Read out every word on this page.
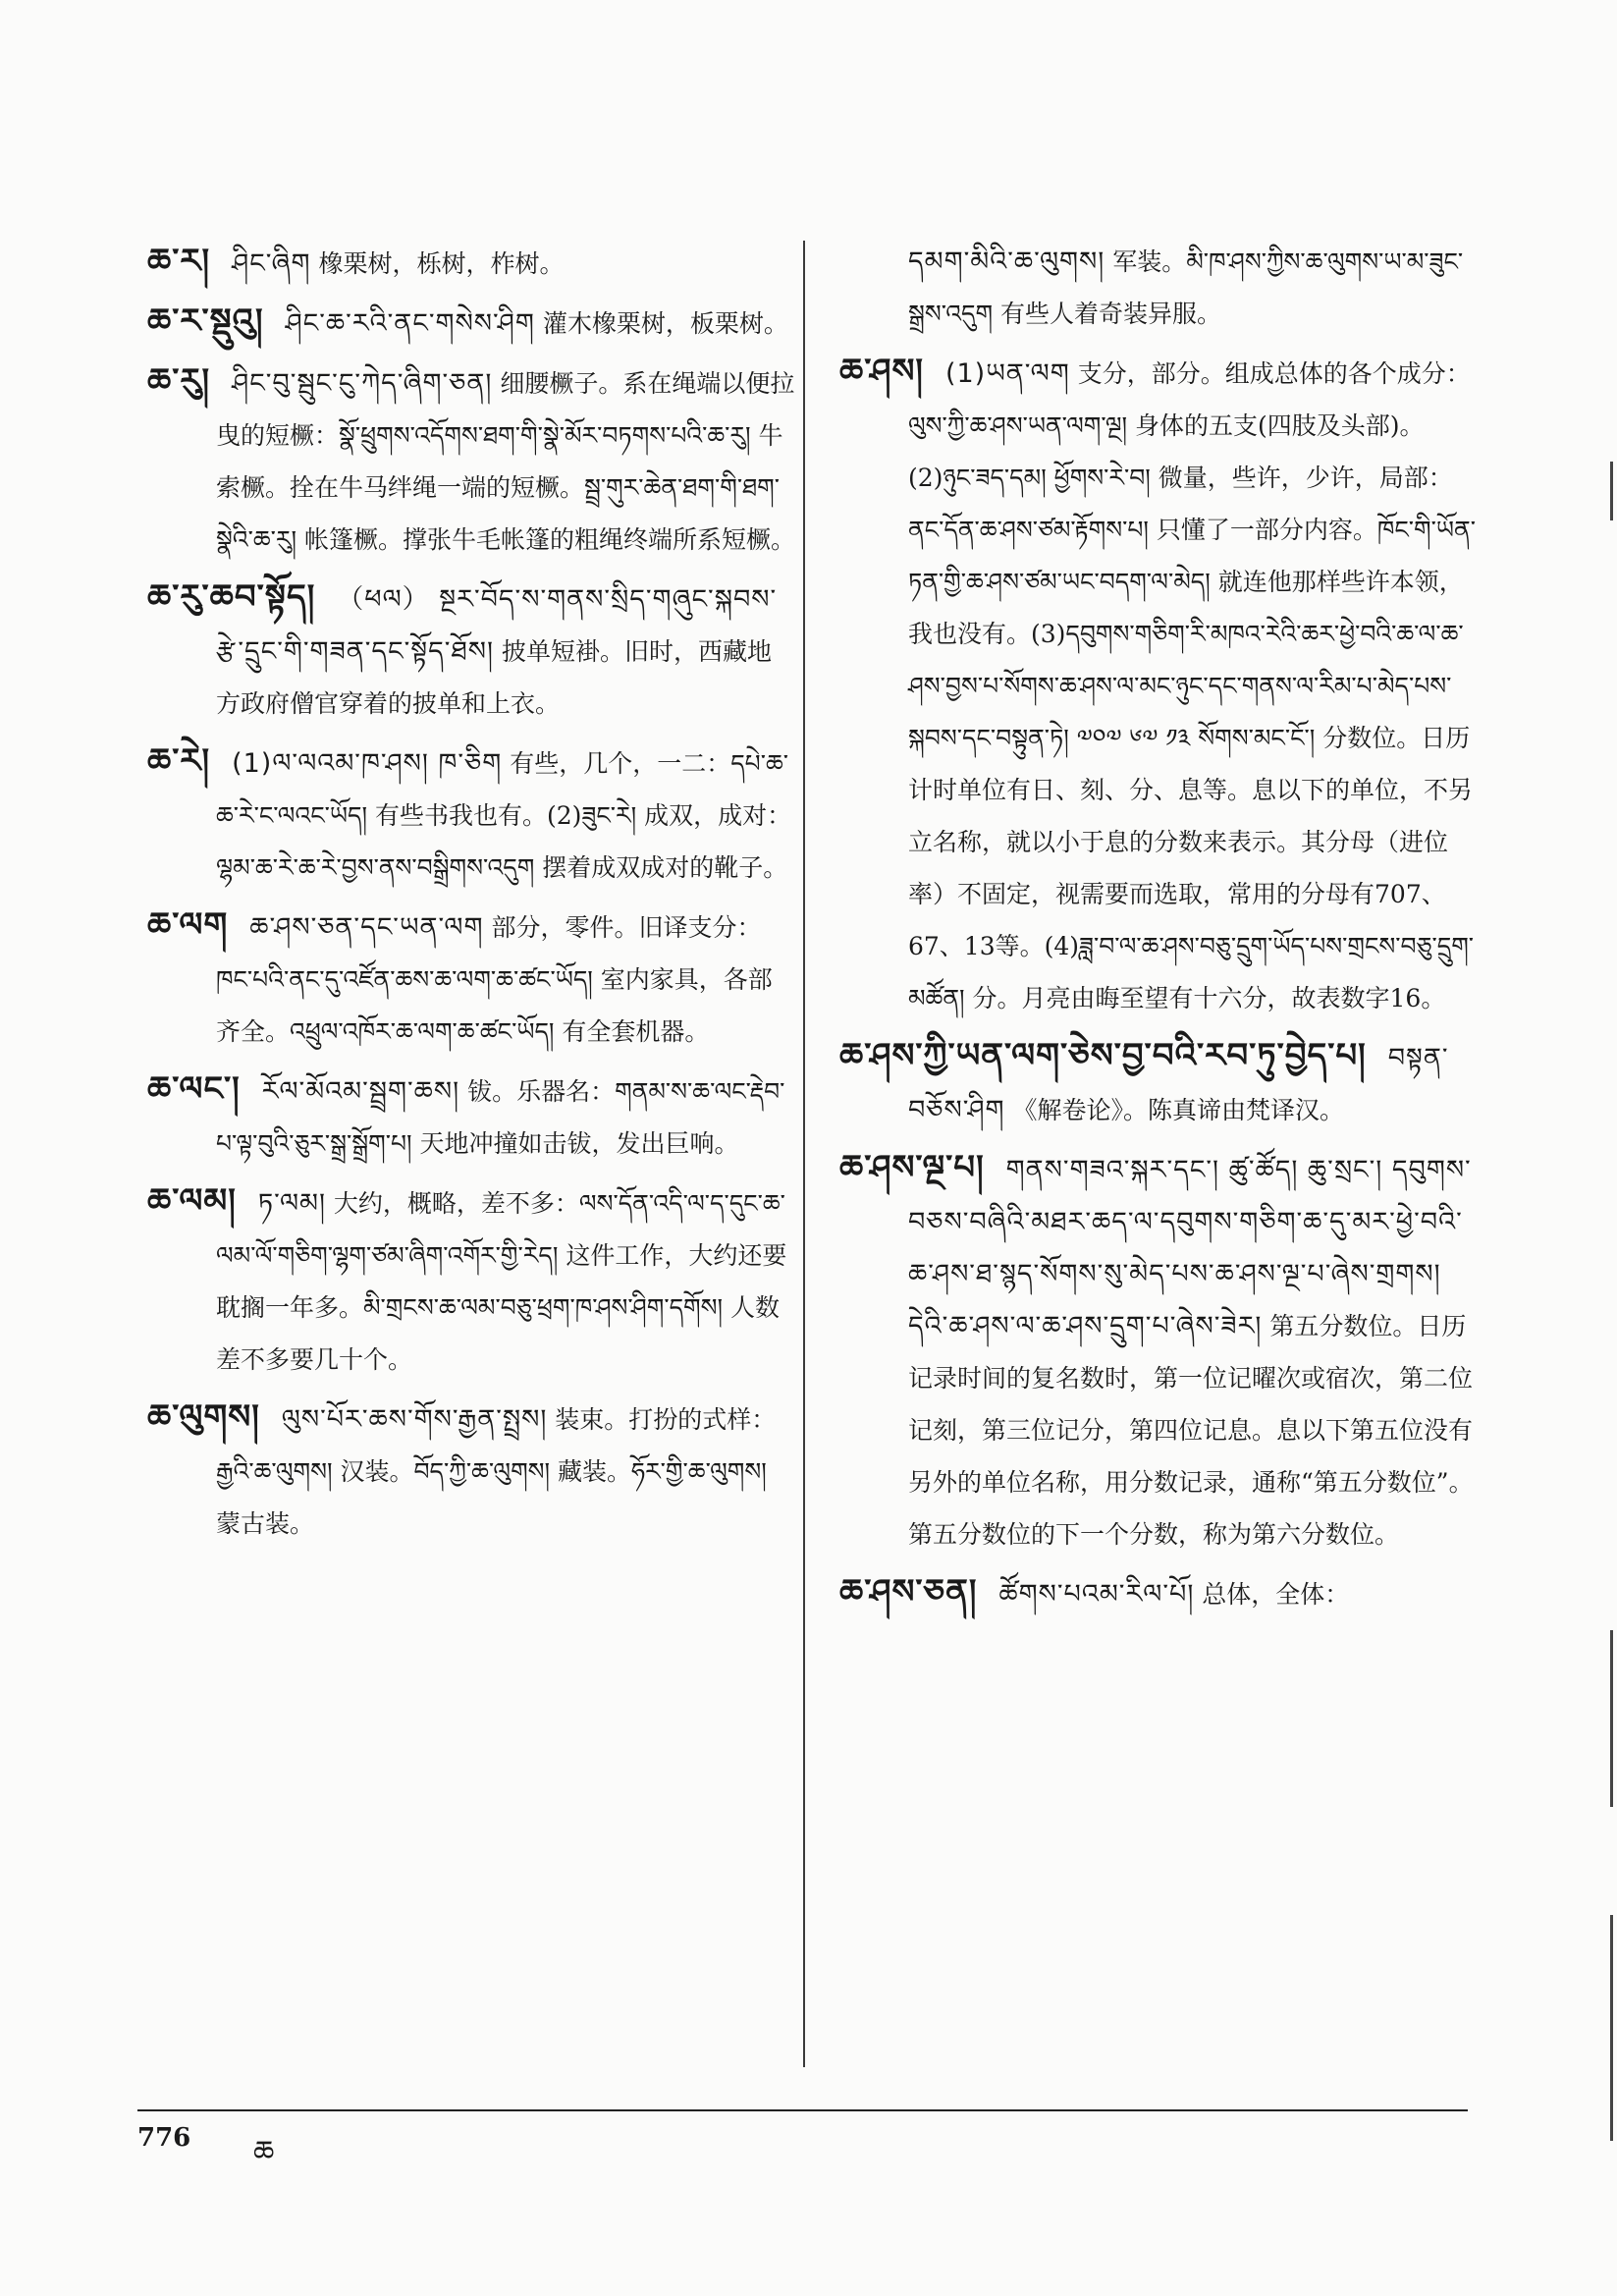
ཆ་ར། ཤིང་ཞིག 橡栗树，栎树，柞树。

ཆ་ར་སྡུའུ། ཤིང་ཆ་རའི་ནང་གསེས་ཤིག 灌木橡栗树，板栗树。

ཆ་རུ། ཤིང་བུ་སྦུང་ངུ་ཀེད་ཞིག་ཅན། 细腰橛子。系在绳端以便拉曳的短橛：སྣོ་ཕྲུགས་འདོགས་ཐག་གི་སྣེ་མོར་བཏགས་པའི་ཆ་རུ། 牛索橛。拴在牛马绊绳一端的短橛。སྦྲ་གུར་ཆེན་ཐག་གི་ཐག་སྣེའི་ཆ་རུ། 帐篷橛。撑张牛毛帐篷的粗绳终端所系短橛。

ཆ་རུ་ཆབ་སྟོད། （ཕལ） སྔར་བོད་ས་གནས་སྲིད་གཞུང་སྐབས་རྩེ་དྲུང་གི་གཟན་དང་སྟོད་ཐོས། 披单短褂。旧时，西藏地方政府僧官穿着的披单和上衣。

ཆ་རེ། (1)ལ་ལའམ་ཁ་ཤས། ཁ་ཅིག 有些，几个，一二：དཔེ་ཆ་ཆ་རེ་ང་ལའང་ཡོད། 有些书我也有。(2)ཟུང་རེ། 成双，成对：ལྷམ་ཆ་རེ་ཆ་རེ་བྱས་ནས་བསྒྲིགས་འདུག 摆着成双成对的靴子。

ཆ་ལག ཆ་ཤས་ཅན་དང་ཡན་ལག 部分，零件。旧译支分：ཁང་པའི་ནང་དུ་འཛོན་ཆས་ཆ་ལག་ཆ་ཚང་ཡོད། 室内家具，各部齐全。འཕྲུལ་འཁོར་ཆ་ལག་ཆ་ཚང་ཡོད། 有全套机器。

ཆ་ལང་། རོལ་མོའམ་སྦྲག་ཆས། 钹。乐器名：གནམ་ས་ཆ་ལང་རྡེབ་པ་ལྟ་བུའི་ཅུར་སྒྲ་སྒྲོག་པ། 天地冲撞如击钹，发出巨响。

ཆ་ལམ། ཏ་ལམ། 大约，概略，差不多：ལས་དོན་འདི་ལ་ད་དུང་ཆ་ལམ་ལོ་གཅིག་ལྷག་ཙམ་ཞིག་འགོར་གྱི་རེད། 这件工作，大约还要耽搁一年多。མི་གྲངས་ཆ་ལམ་བཅུ་ཕྲག་ཁ་ཤས་ཤིག་དགོས། 人数差不多要几十个。

ཆ་ལུགས། ལུས་པོར་ཆས་གོས་རྒྱན་སྤྲས། 装束。打扮的式样：རྒྱའི་ཆ་ལུགས། 汉装。བོད་ཀྱི་ཆ་ལུགས། 藏装。ཧོར་གྱི་ཆ་ལུགས། 蒙古装。

དམག་མིའི་ཆ་ལུགས། 军装。མི་ཁ་ཤས་ཀྱིས་ཆ་ལུགས་ཡ་མ་ཟུང་སྒྲས་འདུག 有些人着奇装异服。

ཆ་ཤས། (1)ཡན་ལག 支分，部分。组成总体的各个成分：ལུས་ཀྱི་ཆ་ཤས་ཡན་ལག་ལྔ། 身体的五支(四肢及头部)。(2)ཉུང་ཟད་དམ། ཕྱོགས་རེ་བ། 微量，些许，少许，局部：ནང་དོན་ཆ་ཤས་ཙམ་རྟོགས་པ། 只懂了一部分内容。ཁོང་གི་ཡོན་ཏན་གྱི་ཆ་ཤས་ཙམ་ཡང་བདག་ལ་མེད། 就连他那样些许本领，我也没有。(3)དབུགས་གཅིག་རི་མཁའ་རེའི་ཆར་ཕྱེ་བའི་ཆ་ལ་ཆ་ཤས་བྱས་པ་སོགས་ཆ་ཤས་ལ་མང་ཉུང་དང་གནས་ལ་རིམ་པ་མེད་པས་སྐབས་དང་བསྟུན་ཏེ། ༧༠༧ ༦༧ ༡༣ སོགས་མང་ངོ་། 分数位。日历计时单位有日、刻、分、息等。息以下的单位，不另立名称，就以小于息的分数来表示。其分母（进位率）不固定，视需要而选取，常用的分母有707、67、13等。(4)ཟླ་བ་ལ་ཆ་ཤས་བཅུ་དྲུག་ཡོད་པས་གྲངས་བཅུ་དྲུག་མཚོན། 分。月亮由晦至望有十六分，故表数字16。

ཆ་ཤས་ཀྱི་ཡན་ལག་ཅེས་བྱ་བའི་རབ་ཏུ་བྱེད་པ། བསྟན་བཅོས་ཤིག 《解卷论》。陈真谛由梵译汉。

ཆ་ཤས་ལྔ་པ། གནས་གཟའ་སྐར་དང་། ཚུ་ཚོད། ཆུ་སྲང་། དབུགས་བཅས་བཞིའི་མཐར་ཆད་ལ་དབུགས་གཅིག་ཆ་དུ་མར་ཕྱེ་བའི་ཆ་ཤས་ཐ་སྙད་སོགས་སུ་མེད་པས་ཆ་ཤས་ལྔ་པ་ཞེས་གྲགས། དེའི་ཆ་ཤས་ལ་ཆ་ཤས་དྲུག་པ་ཞེས་ཟེར། 第五分数位。日历记录时间的复名数时，第一位记曜次或宿次，第二位记刻，第三位记分，第四位记息。息以下第五位没有另外的单位名称，用分数记录，通称“第五分数位”。第五分数位的下一个分数，称为第六分数位。

ཆ་ཤས་ཅན། ཚོགས་པའམ་རིལ་པོ། 总体，全体：

776 ཆ
